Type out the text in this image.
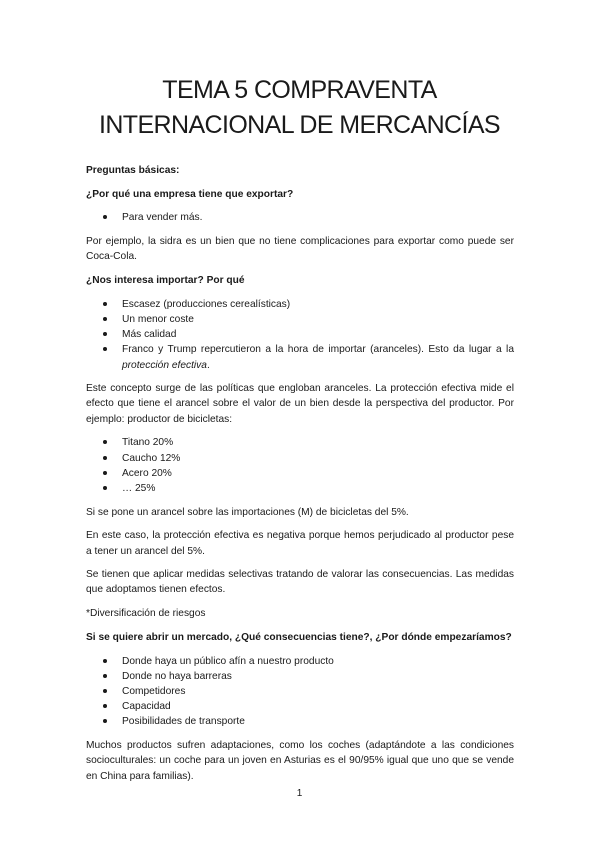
TEMA 5 COMPRAVENTA
INTERNACIONAL DE MERCANCÍAS

Preguntas básicas:

¿Por qué una empresa tiene que exportar?

Para vender más.

Por ejemplo, la sidra es un bien que no tiene complicaciones para exportar como puede ser Coca-Cola.

¿Nos interesa importar? Por qué

Escasez (producciones cerealísticas)
Un menor coste
Más calidad
Franco y Trump repercutieron a la hora de importar (aranceles). Esto da lugar a la protección efectiva.

Este concepto surge de las políticas que engloban aranceles. La protección efectiva mide el efecto que tiene el arancel sobre el valor de un bien desde la perspectiva del productor. Por ejemplo: productor de bicicletas:

Titano 20%
Caucho 12%
Acero 20%
… 25%

Si se pone un arancel sobre las importaciones (M) de bicicletas del 5%.

En este caso, la protección efectiva es negativa porque hemos perjudicado al productor pese a tener un arancel del 5%.

Se tienen que aplicar medidas selectivas tratando de valorar las consecuencias. Las medidas que adoptamos tienen efectos.

*Diversificación de riesgos

Si se quiere abrir un mercado, ¿Qué consecuencias tiene?, ¿Por dónde empezaríamos?

Donde haya un público afín a nuestro producto
Donde no haya barreras
Competidores
Capacidad
Posibilidades de transporte

Muchos productos sufren adaptaciones, como los coches (adaptándote a las condiciones socioculturales: un coche para un joven en Asturias es el 90/95% igual que uno que se vende en China para familias).

1
